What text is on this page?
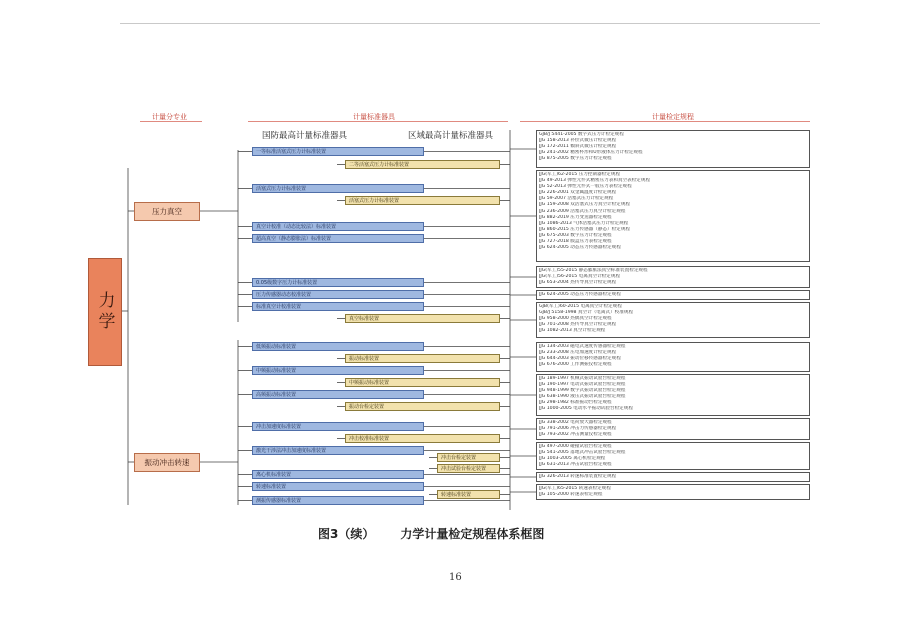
计量分专业	计量标准器具	计量检定规程
国防最高计量标准器具	区域最高计量标准器具
力学
压力真空
振动冲击转速
一等标准活塞式压力计标准装置
活塞式压力计标准装置
真空计校准（动态比较法）标准装置
超高真空（静态膨胀法）标准装置
0.05级数字压力计标准装置
压力传感器动态校准装置
标准真空计校准装置
低频振动标准装置
中频振动标准装置
高频振动标准装置
冲击加速度标准装置
激光干涉法冲击加速度标准装置
离心机标准装置
转速标准装置
测振传感器标准装置
二等活塞式压力计标准装置
活塞式压力计标准装置
真空标准装置
振动标准装置
中频振动标准装置
振动台检定装置
冲击校准标准装置
冲击台检定装置
冲击试验台检定装置
转速标准装置
GJB/J 5441-2005 数字式压力计检定规程
JJG 158-2013 补偿式微压计检定规程
JJG 172-2011 倾斜式微压计检定规程
JJG 241-2002 精密杯形和U形液体压力计检定规程
JJG 875-2005 数字压力计检定规程
JJG(军工)62-2015 压力控制器检定规程
JJG 49-2013 弹性元件式精密压力表和真空表检定规程
JJG 52-2013 弹性元件式一般压力表检定规程
JJG 226-2001 双金属温度计检定规程
JJG 59-2007 活塞式压力计检定规程
JJG 159-2008 双活塞式压力真空计检定规程
JJG 236-2009 活塞式压力真空计检定规程
JJG 882-2019 压力变送器检定规程
JJG 1086-2013 气体活塞式压力计检定规程
JJG 860-2015 压力传感器（静态）检定规程
JJG 675-2003 数字压力计检定规程
JJG 727-2018 膜盒压力表检定规程
JJG 624-2005 动态压力传感器检定规程
JJG(军工)55-2015 静态膨胀法真空标准装置检定规程
JJG(军工)56-2015 电离真空计检定规程
JJG 653-2004 热传导真空计检定规程
JJG 624-2005 动态压力传感器检定规程
GJB(军工)60-2015 电离真空计检定规程
GJB/J 5158-1998 真空计（电离式）校准规程
JJG 958-2000 热偶真空计检定规程
JJG 701-2008 热传导真空计检定规程
JJG 1082-2013 真空计检定规程
JJG 134-2003 磁电式速度传感器检定规程
JJG 233-2008 压电加速度计检定规程
JJG 644-2003 振动位移传感器检定规程
JJG 676-2000 工作测振仪检定规程
JJG 189-1997 机械式振动试验台检定规程
JJG 190-1997 电动式振动试验台检定规程
JJG 948-1999 数字式振动试验台检定规程
JJG 638-1990 液压式振动试验台检定规程
JJG 298-1982 标准振动台检定规程
JJG 1000-2005 电动水平振动试验台检定规程
JJG 338-2002 电荷放大器检定规程
JJG 791-2006 冲击力传感器检定规程
JJG 793-2002 冲击测量仪检定规程
JJG 497-2000 碰撞试验台检定规程
JJG 541-2005 落地式冲击试验台检定规程
JJG 1003-2005 离心机检定规程
JJG 631-2013 冲击试验台检定规程
JJG 326-2013 转速标准装置检定规程
JJG(军工)65-2015 转速表检定规程
JJG 105-2000 转速表检定规程
图3（续） 力学计量检定规程体系框图
16
